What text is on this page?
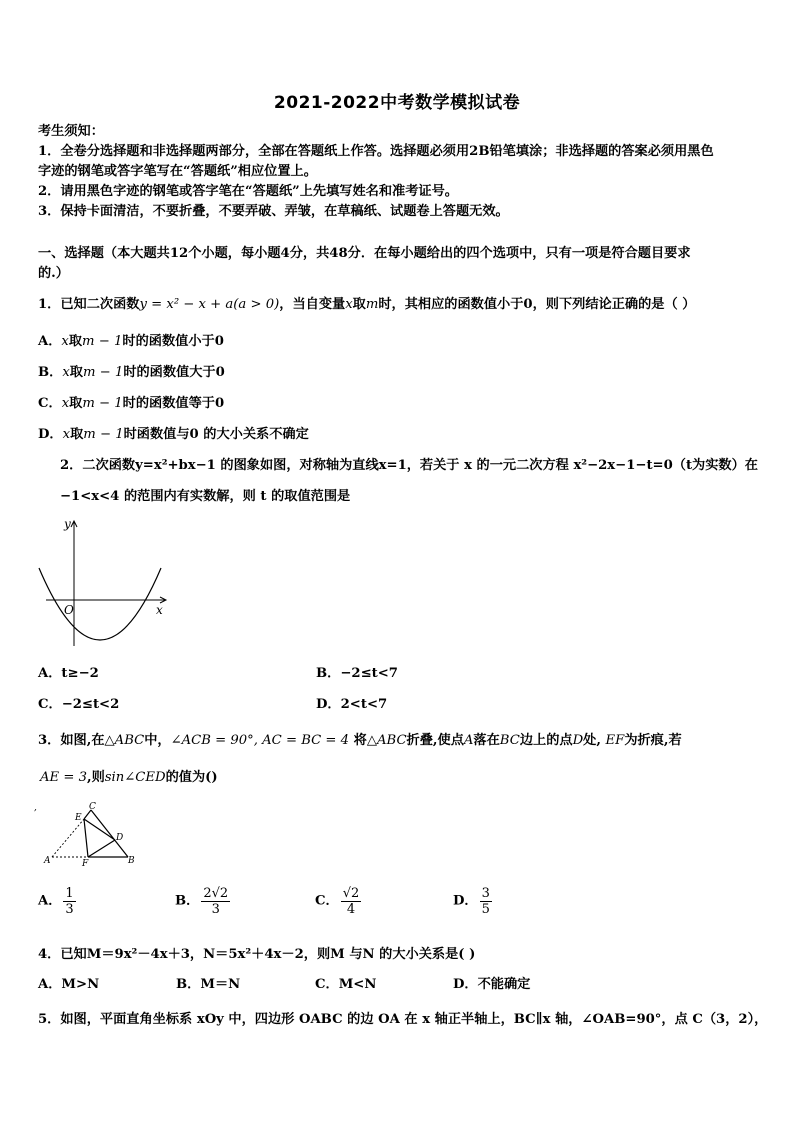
2021-2022中考数学模拟试卷
考生须知：
1．全卷分选择题和非选择题两部分，全部在答题纸上作答。选择题必须用2B铅笔填涂；非选择题的答案必须用黑色
字迹的钢笔或答字笔写在“答题纸”相应位置上。
2．请用黑色字迹的钢笔或答字笔在“答题纸”上先填写姓名和准考证号。
3．保持卡面清洁，不要折叠，不要弄破、弄皱，在草稿纸、试题卷上答题无效。
一、选择题（本大题共12个小题，每小题4分，共48分．在每小题给出的四个选项中，只有一项是符合题目要求
的.）
1．已知二次函数y = x² − x + a(a > 0)，当自变量x取m时，其相应的函数值小于0，则下列结论正确的是（ ）
A．x取m − 1时的函数值小于0
B．x取m − 1时的函数值大于0
C．x取m − 1时的函数值等于0
D．x取m − 1时函数值与0 的大小关系不确定
2．二次函数y=x²+bx−1 的图象如图，对称轴为直线x=1，若关于 x 的一元二次方程 x²−2x−1−t=0（t为实数）在
−1<x<4 的范围内有实数解，则 t 的取值范围是
y
x
O
A．t≥−2	B．−2≤t<7
C．−2≤t<2	D．2<t<7
3．如图,在△ABC中，∠ACB = 90°, AC = BC = 4 将△ABC折叠,使点A落在BC边上的点D处, EF为折痕,若
AE = 3,则sin∠CED的值为()
,	C
E
D
A	F	B
A． $\frac{1}{3}$	B． $\frac{2√2}{3}$	C． $\frac{√2}{4}$	D． $\frac{3}{5}$
4．已知M＝9x²－4x＋3，N＝5x²＋4x－2，则M 与N 的大小关系是( )
A．M>N	B．M＝N	C．M<N	D．不能确定
5．如图，平面直角坐标系 xOy 中，四边形 OABC 的边 OA 在 x 轴正半轴上，BC∥x 轴，∠OAB=90°，点 C（3，2），
